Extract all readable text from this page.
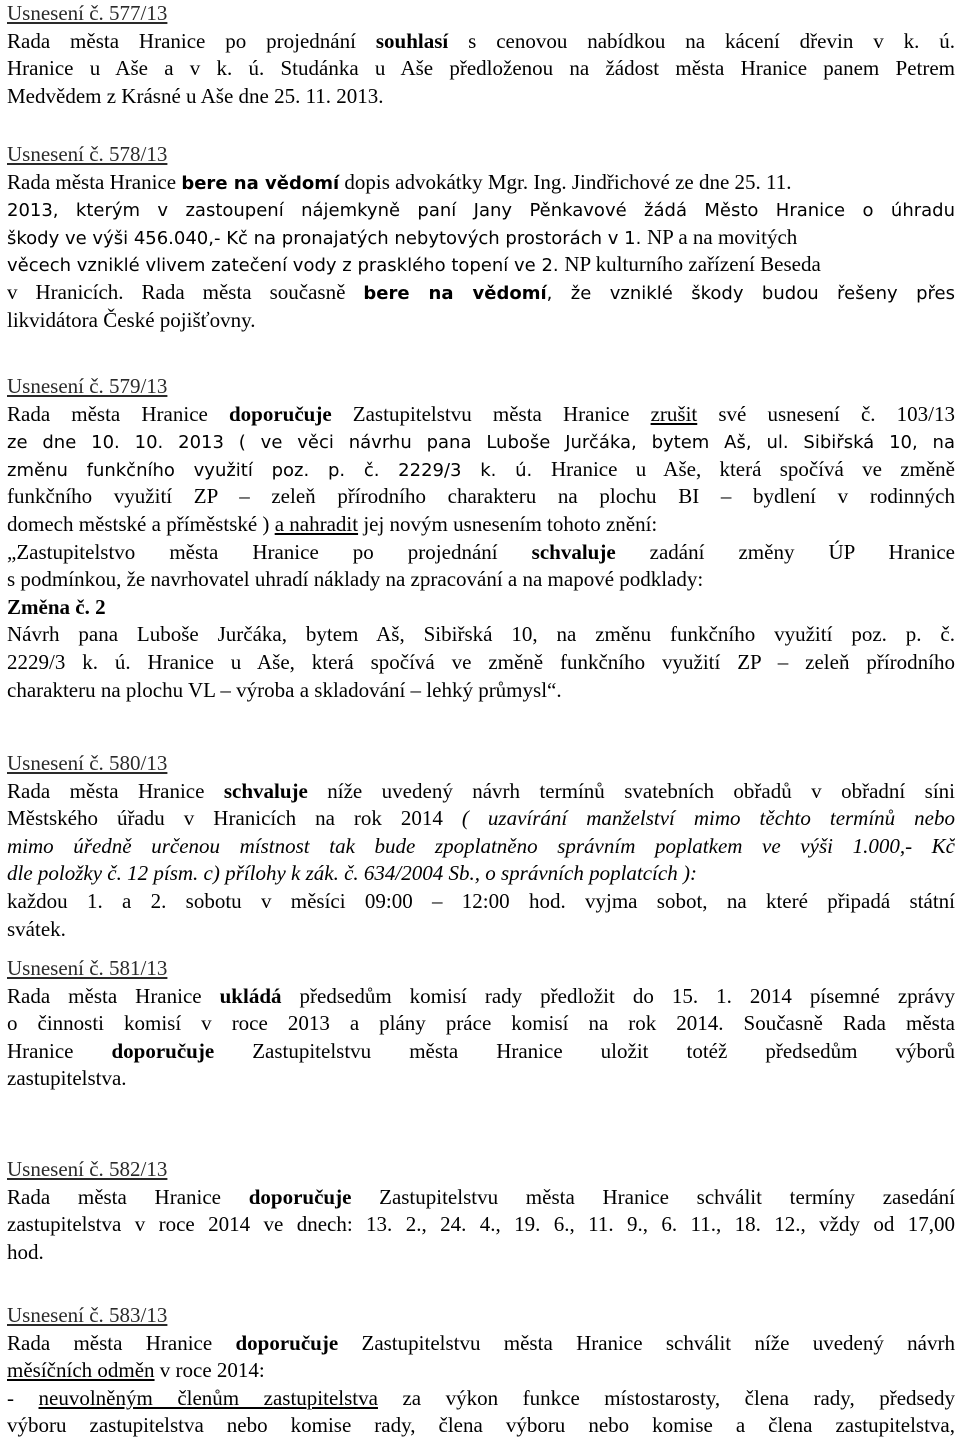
Usnesení č. 577/13
Rada města Hranice po projednání souhlasí s cenovou nabídkou na kácení dřevin v k. ú.
Hranice u Aše a v k. ú. Studánka u Aše předloženou na žádost města Hranice panem Petrem
Medvědem z Krásné u Aše dne 25. 11. 2013.
Usnesení č. 578/13
Rada města Hranice bere na vědomí dopis advokátky Mgr. Ing. Jindřichové ze dne 25. 11.
2013, kterým v zastoupení nájemkyně paní Jany Pěnkavové žádá Město Hranice o úhradu
škody ve výši 456.040,- Kč na pronajatých nebytových prostorách v 1. NP a na movitých
věcech vzniklé vlivem zatečení vody z prasklého topení ve 2. NP kulturního zařízení Beseda
v Hranicích. Rada města současně bere na vědomí, že vzniklé škody budou řešeny přes
likvidátora České pojišťovny.
Usnesení č. 579/13
Rada města Hranice doporučuje Zastupitelstvu města Hranice zrušit své usnesení č. 103/13
ze dne 10. 10. 2013 ( ve věci návrhu pana Luboše Jurčáka, bytem Aš, ul. Sibiřská 10, na
změnu funkčního využití poz. p. č. 2229/3 k. ú. Hranice u Aše, která spočívá ve změně
funkčního využití ZP – zeleň přírodního charakteru na plochu BI – bydlení v rodinných
domech městské a příměstské ) a nahradit jej novým usnesením tohoto znění:
„Zastupitelstvo města Hranice po projednání schvaluje zadání změny ÚP Hranice
s podmínkou, že navrhovatel uhradí náklady na zpracování a na mapové podklady:
Změna č. 2
Návrh pana Luboše Jurčáka, bytem Aš, Sibiřská 10, na změnu funkčního využití poz. p. č.
2229/3 k. ú. Hranice u Aše, která spočívá ve změně funkčního využití ZP – zeleň přírodního
charakteru na plochu VL – výroba a skladování – lehký průmysl“.
Usnesení č. 580/13
Rada města Hranice schvaluje níže uvedený návrh termínů svatebních obřadů v obřadní síni
Městského úřadu v Hranicích na rok 2014 ( uzavírání manželství mimo těchto termínů nebo
mimo úředně určenou místnost tak bude zpoplatněno správním poplatkem ve výši 1.000,- Kč
dle položky č. 12 písm. c) přílohy k zák. č. 634/2004 Sb., o správních poplatcích ):
každou 1. a 2. sobotu v měsíci 09:00 – 12:00 hod. vyjma sobot, na které připadá státní
svátek.
Usnesení č. 581/13
Rada města Hranice ukládá předsedům komisí rady předložit do 15. 1. 2014 písemné zprávy
o činnosti komisí v roce 2013 a plány práce komisí na rok 2014. Současně Rada města
Hranice doporučuje Zastupitelstvu města Hranice uložit totéž předsedům výborů
zastupitelstva.
Usnesení č. 582/13
Rada města Hranice doporučuje Zastupitelstvu města Hranice schválit termíny zasedání
zastupitelstva v roce 2014 ve dnech: 13. 2., 24. 4., 19. 6., 11. 9., 6. 11., 18. 12., vždy od 17,00
hod.
Usnesení č. 583/13
Rada města Hranice doporučuje Zastupitelstvu města Hranice schválit níže uvedený návrh
měsíčních odměn v roce 2014:
- neuvolněným členům zastupitelstva za výkon funkce místostarosty, člena rady, předsedy
výboru zastupitelstva nebo komise rady, člena výboru nebo komise a člena zastupitelstva,
